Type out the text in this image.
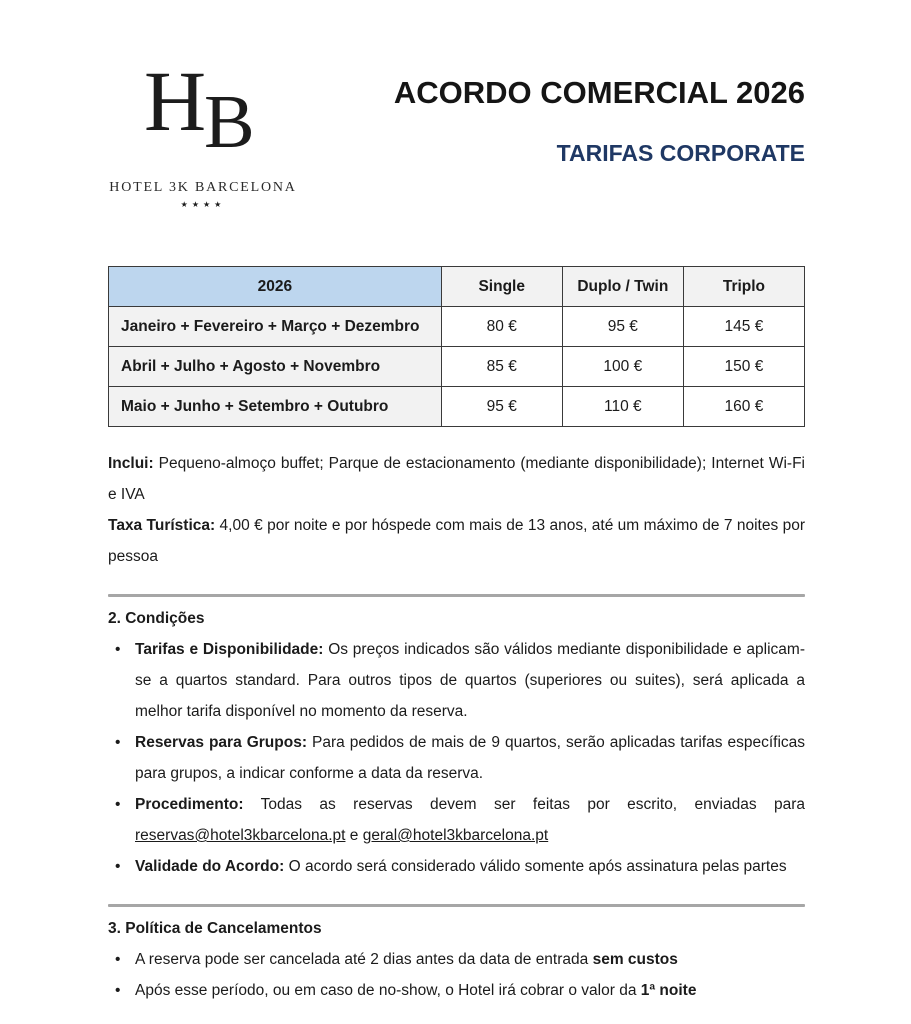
H
B
HOTEL 3K BARCELONA
★★★★
ACORDO COMERCIAL 2026
TARIFAS CORPORATE
2026	Single	Duplo / Twin	Triplo
Janeiro + Fevereiro + Março + Dezembro	80 €	95 €	145 €
Abril + Julho + Agosto + Novembro	85 €	100 €	150 €
Maio + Junho + Setembro + Outubro	95 €	110 €	160 €

Inclui: Pequeno-almoço buffet; Parque de estacionamento (mediante disponibilidade); Internet Wi-Fi e IVA

Taxa Turística: 4,00 € por noite e por hóspede com mais de 13 anos, até um máximo de 7 noites por pessoa

2. Condições
• Tarifas e Disponibilidade: Os preços indicados são válidos mediante disponibilidade e aplicam-se a quartos standard. Para outros tipos de quartos (superiores ou suites), será aplicada a melhor tarifa disponível no momento da reserva.
• Reservas para Grupos: Para pedidos de mais de 9 quartos, serão aplicadas tarifas específicas para grupos, a indicar conforme a data da reserva.
• Procedimento: Todas as reservas devem ser feitas por escrito, enviadas para reservas@hotel3kbarcelona.pt e geral@hotel3kbarcelona.pt
• Validade do Acordo: O acordo será considerado válido somente após assinatura pelas partes
3. Política de Cancelamentos
• A reserva pode ser cancelada até 2 dias antes da data de entrada sem custos
• Após esse período, ou em caso de no-show, o Hotel irá cobrar o valor da 1ª noite
